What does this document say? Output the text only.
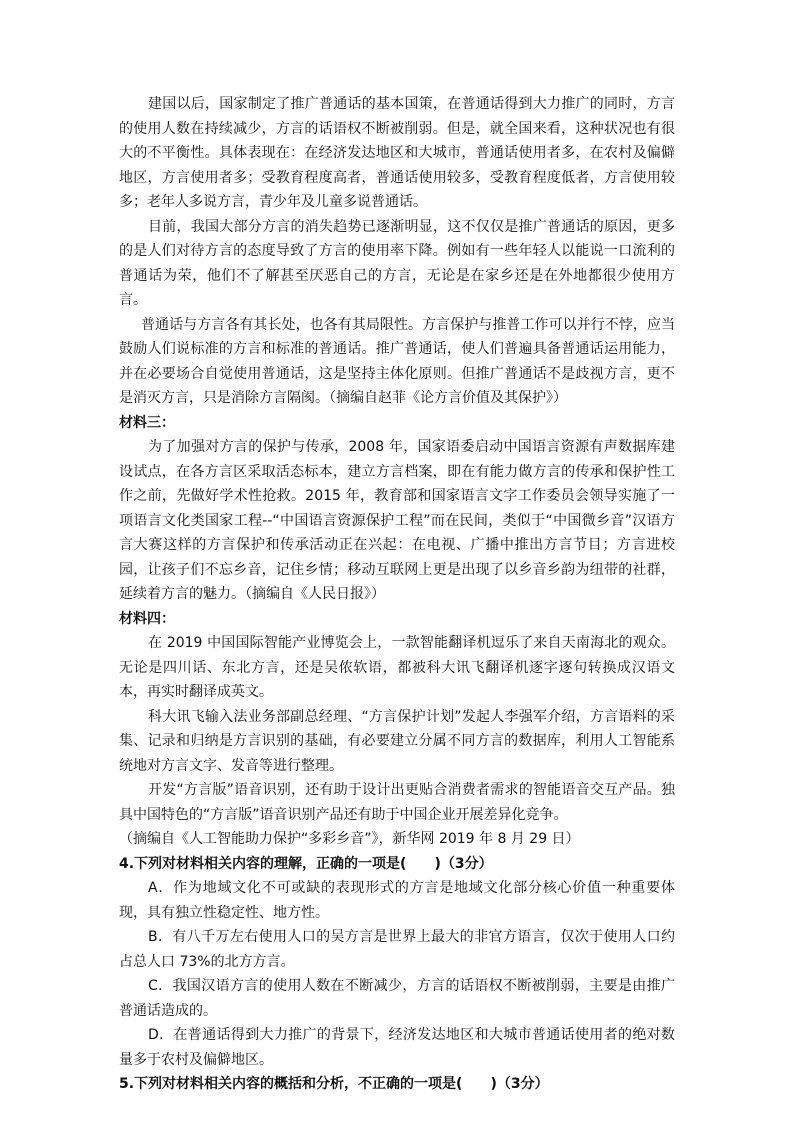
建国以后，国家制定了推广普通话的基本国策，在普通话得到大力推广的同时，方言的使用人数在持续减少，方言的话语权不断被削弱。但是，就全国来看，这种状况也有很大的不平衡性。具体表现在：在经济发达地区和大城市，普通话使用者多，在农村及偏僻地区，方言使用者多；受教育程度高者，普通话使用较多，受教育程度低者，方言使用较多；老年人多说方言，青少年及儿童多说普通话。

目前，我国大部分方言的消失趋势已逐渐明显，这不仅仅是推广普通话的原因，更多的是人们对待方言的态度导致了方言的使用率下降。例如有一些年轻人以能说一口流利的普通话为荣，他们不了解甚至厌恶自己的方言，无论是在家乡还是在外地都很少使用方言。

普通话与方言各有其长处，也各有其局限性。方言保护与推普工作可以并行不悖，应当鼓励人们说标准的方言和标准的普通话。推广普通话，使人们普遍具备普通话运用能力，并在必要场合自觉使用普通话，这是坚持主体化原则。但推广普通话不是歧视方言，更不是消灭方言，只是消除方言隔阂。（摘编自赵菲《论方言价值及其保护》）

材料三：

为了加强对方言的保护与传承，2008 年，国家语委启动中国语言资源有声数据库建设试点，在各方言区采取活态标本，建立方言档案，即在有能力做方言的传承和保护性工作之前，先做好学术性抢救。2015 年，教育部和国家语言文字工作委员会领导实施了一项语言文化类国家工程--“中国语言资源保护工程”而在民间，类似于“中国微乡音”汉语方言大赛这样的方言保护和传承活动正在兴起：在电视、广播中推出方言节目；方言进校园，让孩子们不忘乡音，记住乡情；移动互联网上更是出现了以乡音乡韵为纽带的社群，延续着方言的魅力。（摘编自《人民日报》）

材料四：

在 2019 中国国际智能产业博览会上，一款智能翻译机逗乐了来自天南海北的观众。无论是四川话、东北方言，还是吴侬软语，都被科大讯飞翻译机逐字逐句转换成汉语文本，再实时翻译成英文。

科大讯飞输入法业务部副总经理、“方言保护计划”发起人李强军介绍，方言语料的采集、记录和归纳是方言识别的基础，有必要建立分属不同方言的数据库，利用人工智能系统地对方言文字、发音等进行整理。

开发“方言版”语音识别，还有助于设计出更贴合消费者需求的智能语音交互产品。独具中国特色的“方言版”语音识别产品还有助于中国企业开展差异化竞争。

（摘编自《人工智能助力保护“多彩乡音”》，新华网 2019 年 8 月 29 日）

4.下列对材料相关内容的理解，正确的一项是(　　)（3分）

A．作为地域文化不可或缺的表现形式的方言是地域文化部分核心价值一种重要体现，具有独立性稳定性、地方性。

B．有八千万左右使用人口的吴方言是世界上最大的非官方语言，仅次于使用人口约占总人口 73%的北方方言。

C．我国汉语方言的使用人数在不断减少，方言的话语权不断被削弱，主要是由推广普通话造成的。

D．在普通话得到大力推广的背景下，经济发达地区和大城市普通话使用者的绝对数量多于农村及偏僻地区。

5.下列对材料相关内容的概括和分析，不正确的一项是(　　)（3分）
